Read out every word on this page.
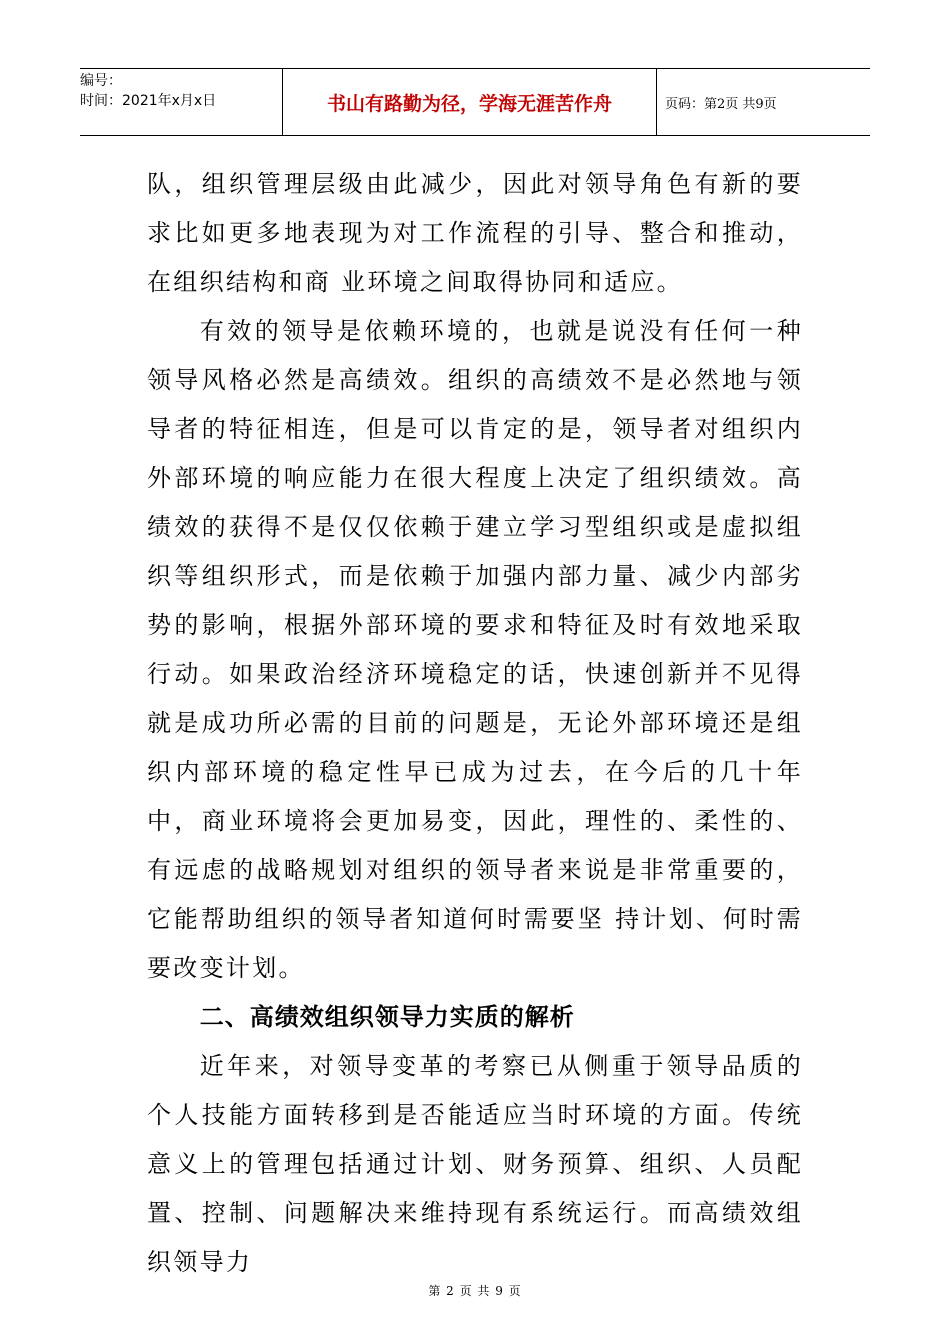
编号：
时间：2021年x月x日	书山有路勤为径，学海无涯苦作舟	页码：第2页 共9页

队，组织管理层级由此减少，因此对领导角色有新的要求比如更多地表现为对工作流程的引导、整合和推动，在组织结构和商 业环境之间取得协同和适应。

有效的领导是依赖环境的，也就是说没有任何一种领导风格必然是高绩效。组织的高绩效不是必然地与领导者的特征相连，但是可以肯定的是，领导者对组织内外部环境的响应能力在很大程度上决定了组织绩效。高绩效的获得不是仅仅依赖于建立学习型组织或是虚拟组织等组织形式，而是依赖于加强内部力量、减少内部劣势的影响，根据外部环境的要求和特征及时有效地采取行动。如果政治经济环境稳定的话，快速创新并不见得就是成功所必需的目前的问题是，无论外部环境还是组织内部环境的稳定性早已成为过去，在今后的几十年中，商业环境将会更加易变，因此，理性的、柔性的、有远虑的战略规划对组织的领导者来说是非常重要的，它能帮助组织的领导者知道何时需要坚 持计划、何时需要改变计划。

二、高绩效组织领导力实质的解析

近年来，对领导变革的考察已从侧重于领导品质的个人技能方面转移到是否能适应当时环境的方面。传统意义上的管理包括通过计划、财务预算、组织、人员配置、控制、问题解决来维持现有系统运行。而高绩效组织领导力

第 2 页 共 9 页
